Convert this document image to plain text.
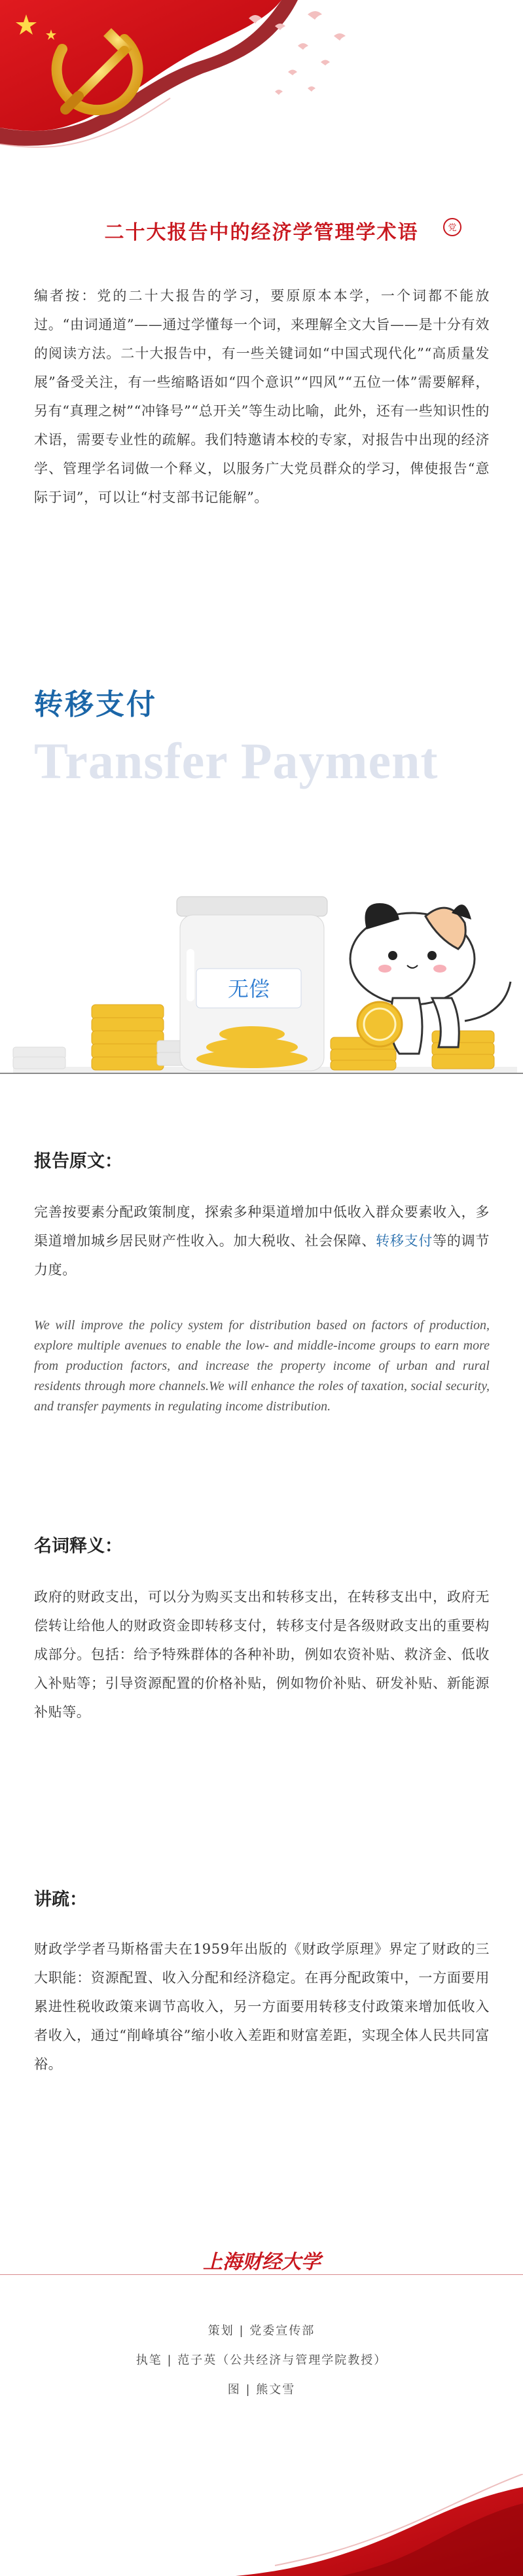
二十大报告中的经济学管理学术语	党
编者按：党的二十大报告的学习，要原原本本学，一个词都不能放过。“由词通道”——通过学懂每一个词，来理解全文大旨——是十分有效的阅读方法。二十大报告中，有一些关键词如“中国式现代化”“高质量发展”备受关注，有一些缩略语如“四个意识”“四风”“五位一体”需要解释，另有“真理之树”“冲锋号”“总开关”等生动比喻，此外，还有一些知识性的术语，需要专业性的疏解。我们特邀请本校的专家，对报告中出现的经济学、管理学名词做一个释义，以服务广大党员群众的学习，俾使报告“意际于词”，可以让“村支部书记能解”。
转移支付
Transfer Payment
无偿
报告原文：
完善按要素分配政策制度，探索多种渠道增加中低收入群众要素收入，多渠道增加城乡居民财产性收入。加大税收、社会保障、转移支付等的调节力度。
We will improve the policy system for distribution based on factors of production, explore multiple avenues to enable the low- and middle-income groups to earn more from production factors, and increase the property income of urban and rural residents through more channels.We will enhance the roles of taxation, social security, and transfer payments in regulating income distribution.
名词释义：
政府的财政支出，可以分为购买支出和转移支出，在转移支出中，政府无偿转让给他人的财政资金即转移支付，转移支付是各级财政支出的重要构成部分。包括：给予特殊群体的各种补助，例如农资补贴、救济金、低收入补贴等；引导资源配置的价格补贴，例如物价补贴、研发补贴、新能源补贴等。
讲疏：
财政学学者马斯格雷夫在1959年出版的《财政学原理》界定了财政的三大职能：资源配置、收入分配和经济稳定。在再分配政策中，一方面要用累进性税收政策来调节高收入，另一方面要用转移支付政策来增加低收入者收入，通过“削峰填谷”缩小收入差距和财富差距，实现全体人民共同富裕。
上海财经大学
策划 | 党委宣传部
执笔 | 范子英（公共经济与管理学院教授）
图 | 熊文雪
